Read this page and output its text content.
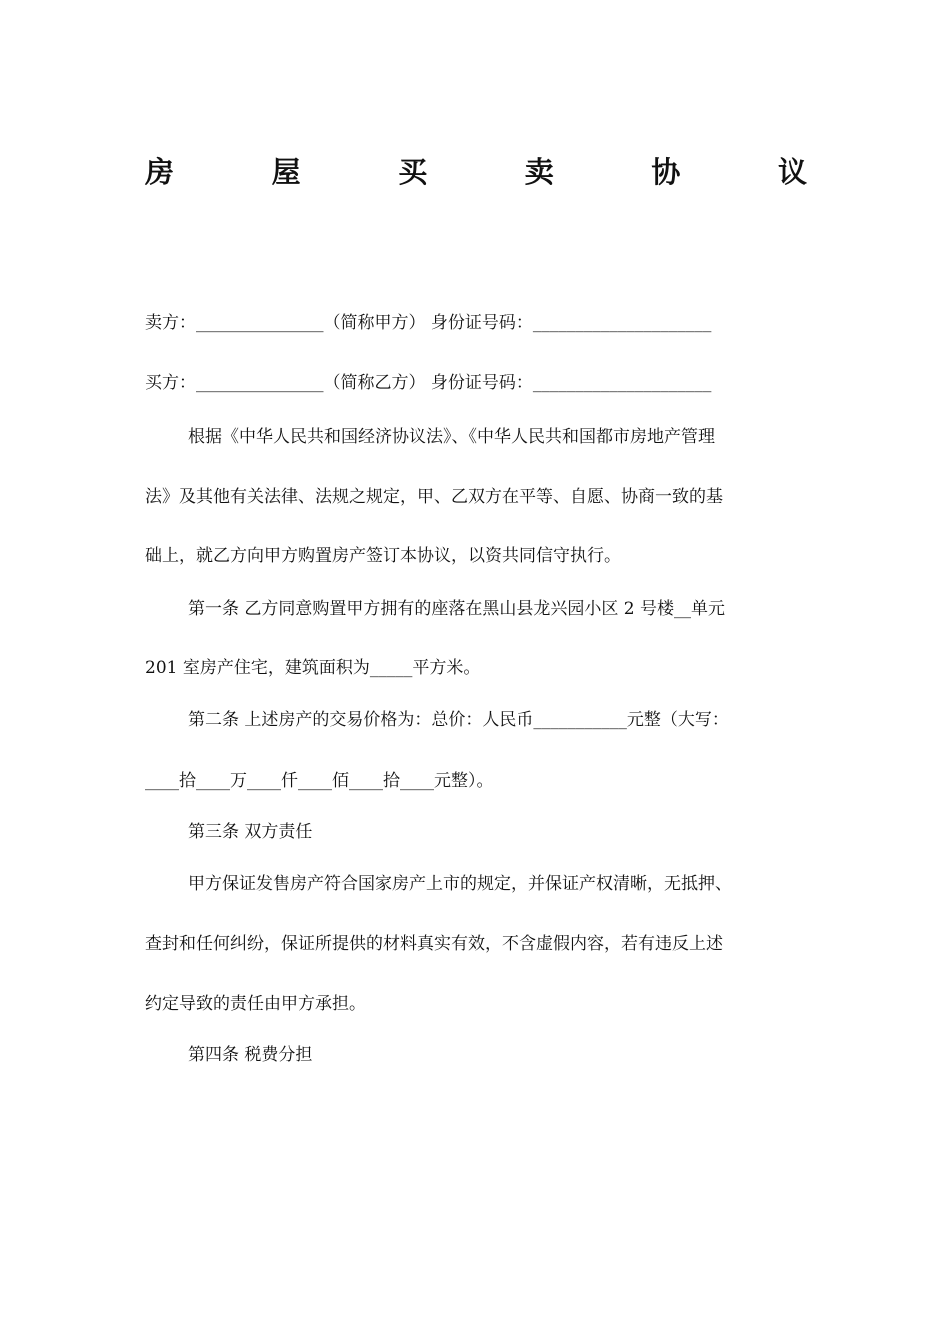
房	屋	买	卖	协	议
卖方：_______________（简称甲方） 身份证号码：_____________________
买方：_______________（简称乙方） 身份证号码：_____________________
根据《中华人民共和国经济协议法》、《中华人民共和国都市房地产管理
法》及其他有关法律、法规之规定，甲、乙双方在平等、自愿、协商一致的基
础上，就乙方向甲方购置房产签订本协议，以资共同信守执行。
第一条 乙方同意购置甲方拥有的座落在黑山县龙兴园小区 2 号楼__单元
201 室房产住宅，建筑面积为_____平方米。
第二条 上述房产的交易价格为：总价：人民币___________元整（大写：
____拾____万____仟____佰____拾____元整）。
第三条 双方责任
甲方保证发售房产符合国家房产上市的规定，并保证产权清晰，无抵押、
查封和任何纠纷，保证所提供的材料真实有效，不含虚假内容，若有违反上述
约定导致的责任由甲方承担。
第四条 税费分担
